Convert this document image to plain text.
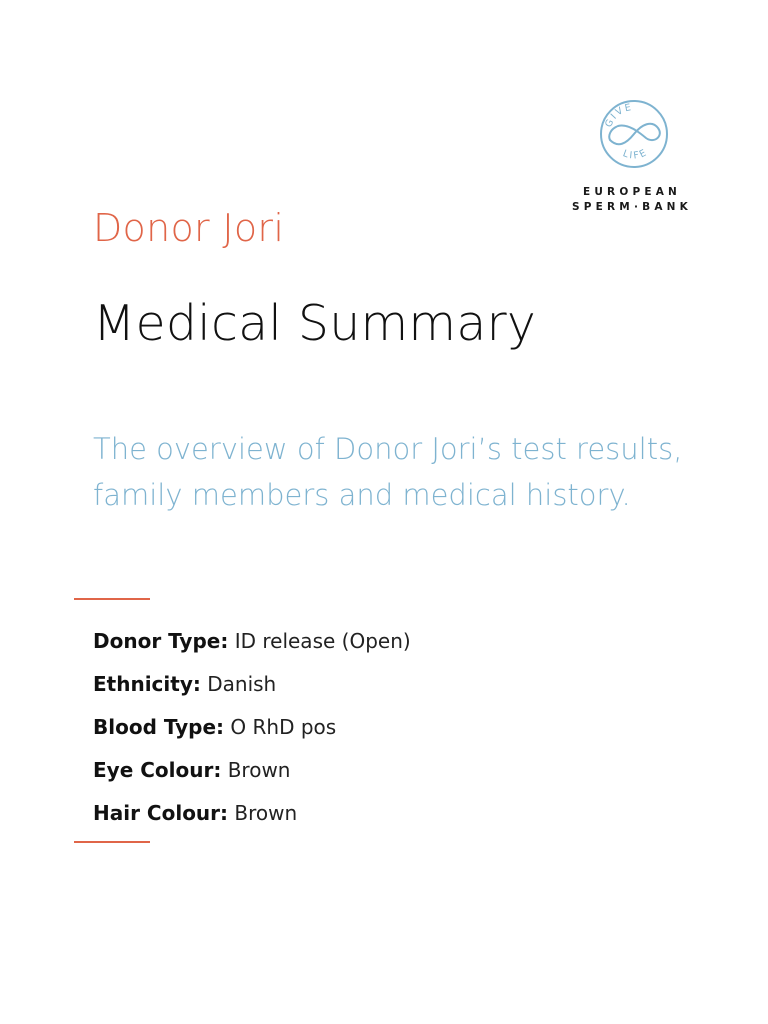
GIVE
LIFE
EUROPEAN
SPERM·BANK
Donor Jori
Medical Summary
The overview of Donor Jori’s test results, family members and medical history.
Donor Type: ID release (Open)
Ethnicity: Danish
Blood Type: O RhD pos
Eye Colour: Brown
Hair Colour: Brown
